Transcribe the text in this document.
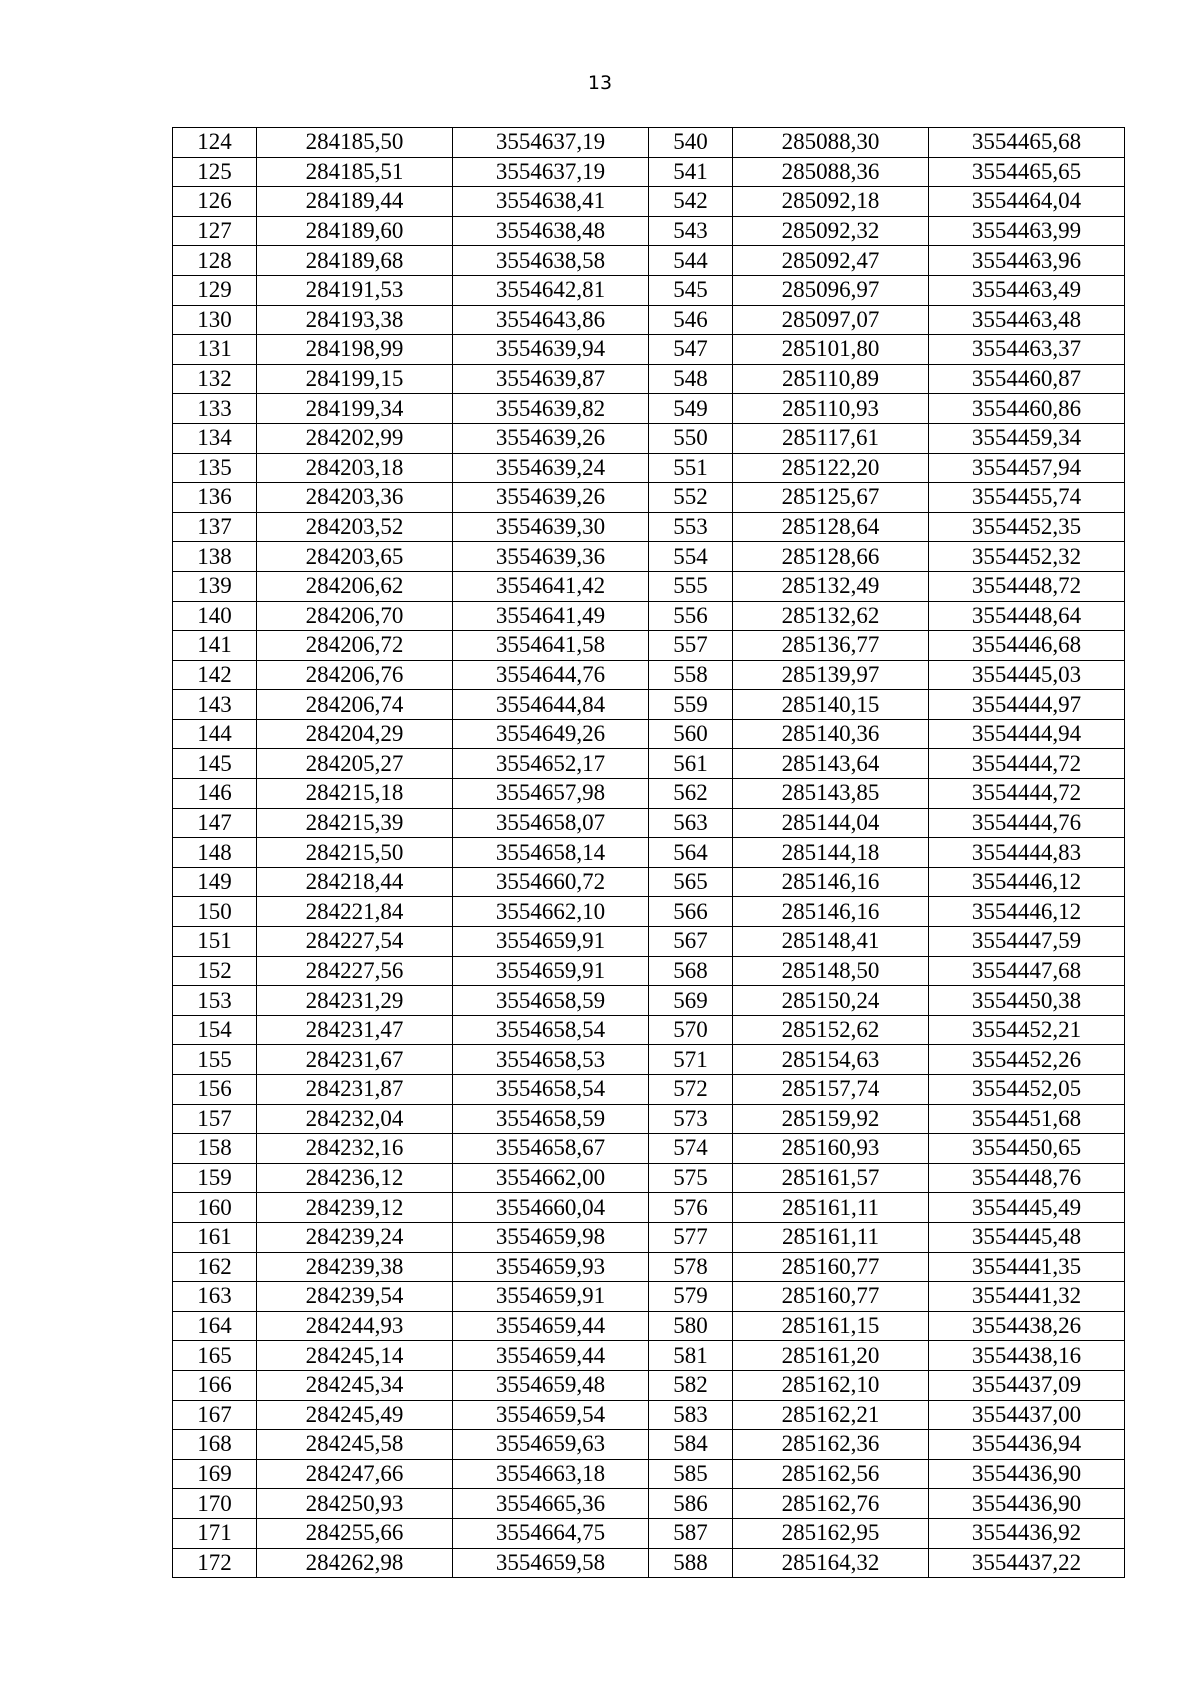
13
124	284185,50	3554637,19	540	285088,30	3554465,68
125	284185,51	3554637,19	541	285088,36	3554465,65
126	284189,44	3554638,41	542	285092,18	3554464,04
127	284189,60	3554638,48	543	285092,32	3554463,99
128	284189,68	3554638,58	544	285092,47	3554463,96
129	284191,53	3554642,81	545	285096,97	3554463,49
130	284193,38	3554643,86	546	285097,07	3554463,48
131	284198,99	3554639,94	547	285101,80	3554463,37
132	284199,15	3554639,87	548	285110,89	3554460,87
133	284199,34	3554639,82	549	285110,93	3554460,86
134	284202,99	3554639,26	550	285117,61	3554459,34
135	284203,18	3554639,24	551	285122,20	3554457,94
136	284203,36	3554639,26	552	285125,67	3554455,74
137	284203,52	3554639,30	553	285128,64	3554452,35
138	284203,65	3554639,36	554	285128,66	3554452,32
139	284206,62	3554641,42	555	285132,49	3554448,72
140	284206,70	3554641,49	556	285132,62	3554448,64
141	284206,72	3554641,58	557	285136,77	3554446,68
142	284206,76	3554644,76	558	285139,97	3554445,03
143	284206,74	3554644,84	559	285140,15	3554444,97
144	284204,29	3554649,26	560	285140,36	3554444,94
145	284205,27	3554652,17	561	285143,64	3554444,72
146	284215,18	3554657,98	562	285143,85	3554444,72
147	284215,39	3554658,07	563	285144,04	3554444,76
148	284215,50	3554658,14	564	285144,18	3554444,83
149	284218,44	3554660,72	565	285146,16	3554446,12
150	284221,84	3554662,10	566	285146,16	3554446,12
151	284227,54	3554659,91	567	285148,41	3554447,59
152	284227,56	3554659,91	568	285148,50	3554447,68
153	284231,29	3554658,59	569	285150,24	3554450,38
154	284231,47	3554658,54	570	285152,62	3554452,21
155	284231,67	3554658,53	571	285154,63	3554452,26
156	284231,87	3554658,54	572	285157,74	3554452,05
157	284232,04	3554658,59	573	285159,92	3554451,68
158	284232,16	3554658,67	574	285160,93	3554450,65
159	284236,12	3554662,00	575	285161,57	3554448,76
160	284239,12	3554660,04	576	285161,11	3554445,49
161	284239,24	3554659,98	577	285161,11	3554445,48
162	284239,38	3554659,93	578	285160,77	3554441,35
163	284239,54	3554659,91	579	285160,77	3554441,32
164	284244,93	3554659,44	580	285161,15	3554438,26
165	284245,14	3554659,44	581	285161,20	3554438,16
166	284245,34	3554659,48	582	285162,10	3554437,09
167	284245,49	3554659,54	583	285162,21	3554437,00
168	284245,58	3554659,63	584	285162,36	3554436,94
169	284247,66	3554663,18	585	285162,56	3554436,90
170	284250,93	3554665,36	586	285162,76	3554436,90
171	284255,66	3554664,75	587	285162,95	3554436,92
172	284262,98	3554659,58	588	285164,32	3554437,22
